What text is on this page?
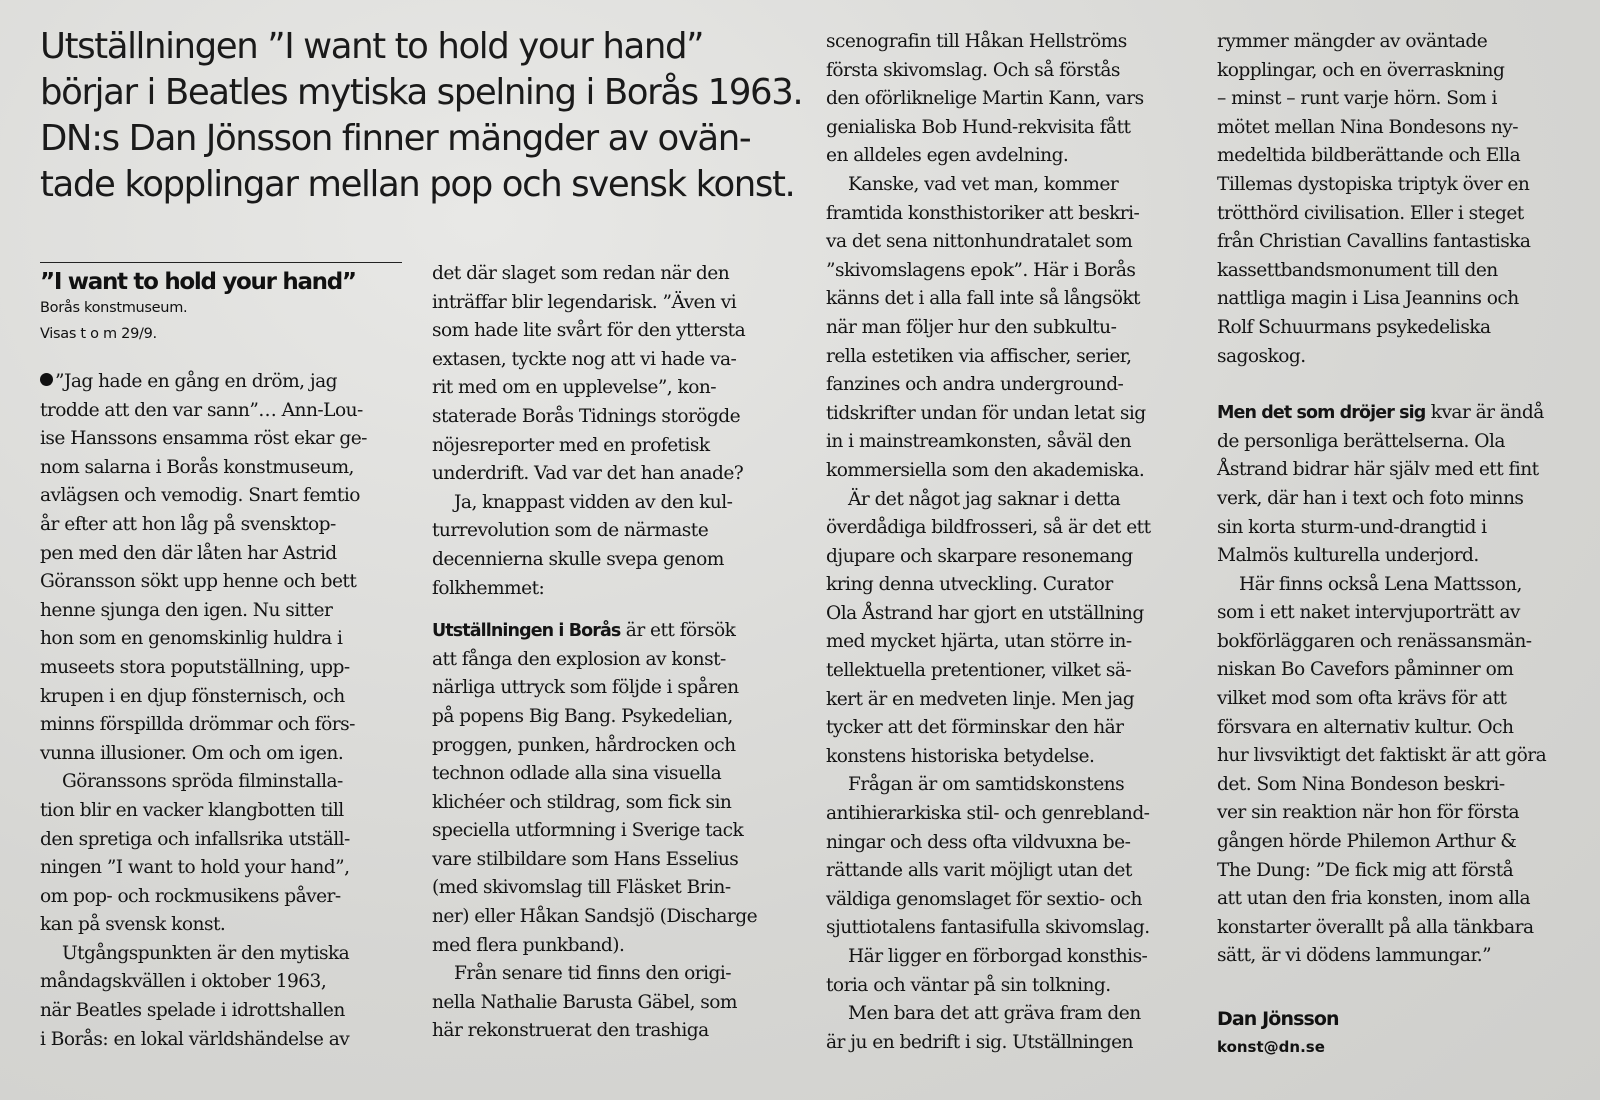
Utställningen ”I want to hold your hand”
börjar i Beatles mytiska spelning i Borås 1963.
DN:s Dan Jönsson finner mängder av ovän-
tade kopplingar mellan pop och svensk konst.
”I want to hold your hand”
Borås konstmuseum.
Visas t o m 29/9.
”Jag hade en gång en dröm, jag
trodde att den var sann”… Ann-Lou-
ise Hanssons ensamma röst ekar ge-
nom salarna i Borås konstmuseum,
avlägsen och vemodig. Snart femtio
år efter att hon låg på svensktop-
pen med den där låten har Astrid
Göransson sökt upp henne och bett
henne sjunga den igen. Nu sitter
hon som en genomskinlig huldra i
museets stora poputställning, upp-
krupen i en djup fönsternisch, och
minns förspillda drömmar och förs-
vunna illusioner. Om och om igen.
Göranssons spröda filminstalla-
tion blir en vacker klangbotten till
den spretiga och infallsrika utställ-
ningen ”I want to hold your hand”,
om pop- och rockmusikens påver-
kan på svensk konst.
Utgångspunkten är den mytiska
måndagskvällen i oktober 1963,
när Beatles spelade i idrottshallen
i Borås: en lokal världshändelse av
det där slaget som redan när den
inträffar blir legendarisk. ”Även vi
som hade lite svårt för den yttersta
extasen, tyckte nog att vi hade va-
rit med om en upplevelse”, kon-
staterade Borås Tidnings storögde
nöjesreporter med en profetisk
underdrift. Vad var det han anade?
Ja, knappast vidden av den kul-
turrevolution som de närmaste
decennierna skulle svepa genom
folkhemmet:
Utställningen i Borås är ett försök
att fånga den explosion av konst-
närliga uttryck som följde i spåren
på popens Big Bang. Psykedelian,
proggen, punken, hårdrocken och
technon odlade alla sina visuella
klichéer och stildrag, som fick sin
speciella utformning i Sverige tack
vare stilbildare som Hans Esselius
(med skivomslag till Fläsket Brin-
ner) eller Håkan Sandsjö (Discharge
med flera punkband).
Från senare tid finns den origi-
nella Nathalie Barusta Gäbel, som
här rekonstruerat den trashiga
scenografin till Håkan Hellströms
första skivomslag. Och så förstås
den oförliknelige Martin Kann, vars
genialiska Bob Hund-rekvisita fått
en alldeles egen avdelning.
Kanske, vad vet man, kommer
framtida konsthistoriker att beskri-
va det sena nittonhundratalet som
”skivomslagens epok”. Här i Borås
känns det i alla fall inte så långsökt
när man följer hur den subkultu-
rella estetiken via affischer, serier,
fanzines och andra underground-
tidskrifter undan för undan letat sig
in i mainstreamkonsten, såväl den
kommersiella som den akademiska.
Är det något jag saknar i detta
överdådiga bildfrosseri, så är det ett
djupare och skarpare resonemang
kring denna utveckling. Curator
Ola Åstrand har gjort en utställning
med mycket hjärta, utan större in-
tellektuella pretentioner, vilket sä-
kert är en medveten linje. Men jag
tycker att det förminskar den här
konstens historiska betydelse.
Frågan är om samtidskonstens
antihierarkiska stil- och genrebland-
ningar och dess ofta vildvuxna be-
rättande alls varit möjligt utan det
väldiga genomslaget för sextio- och
sjuttiotalens fantasifulla skivomslag.
Här ligger en förborgad konsthis-
toria och väntar på sin tolkning.
Men bara det att gräva fram den
är ju en bedrift i sig. Utställningen
rymmer mängder av oväntade
kopplingar, och en överraskning
– minst – runt varje hörn. Som i
mötet mellan Nina Bondesons ny-
medeltida bildberättande och Ella
Tillemas dystopiska triptyk över en
trötthörd civilisation. Eller i steget
från Christian Cavallins fantastiska
kassettbandsmonument till den
nattliga magin i Lisa Jeannins och
Rolf Schuurmans psykedeliska
sagoskog.
Men det som dröjer sig kvar är ändå
de personliga berättelserna. Ola
Åstrand bidrar här själv med ett fint
verk, där han i text och foto minns
sin korta sturm-und-drangtid i
Malmös kulturella underjord.
Här finns också Lena Mattsson,
som i ett naket intervjuporträtt av
bokförläggaren och renässansmän-
niskan Bo Cavefors påminner om
vilket mod som ofta krävs för att
försvara en alternativ kultur. Och
hur livsviktigt det faktiskt är att göra
det. Som Nina Bondeson beskri-
ver sin reaktion när hon för första
gången hörde Philemon Arthur &
The Dung: ”De fick mig att förstå
att utan den fria konsten, inom alla
konstarter överallt på alla tänkbara
sätt, är vi dödens lammungar.”
Dan Jönsson
konst@dn.se
